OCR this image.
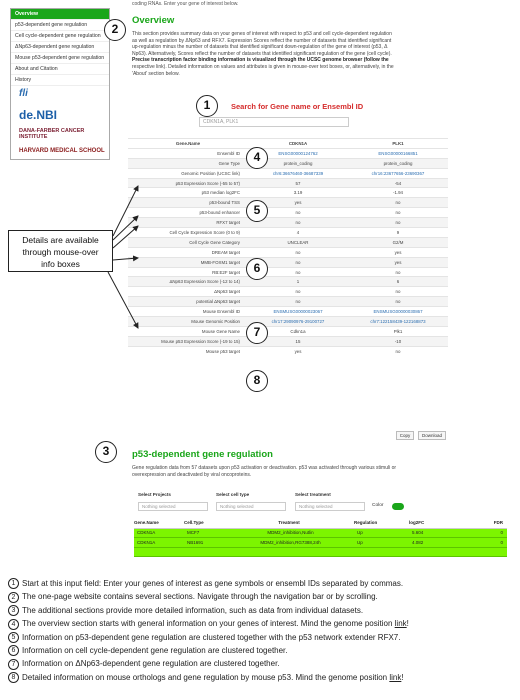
coding RNAs. Enter your gene of interest below.
Overview
p53-dependent gene regulation
Cell cycle-dependent gene regulation
ΔNp63-dependent gene regulation
Mouse p53-dependent gene regulation
About and Citation
History
fli
de.NBI
DANA-FARBER CANCER INSTITUTE
HARVARD MEDICAL SCHOOL
2
Overview
This section provides summary data on your genes of interest with respect to p53 and cell cycle-dependent regulation
as well as regulation by ΔNp63 and RFX7. Expression Scores reflect the number of datasets that identified significant
up-regulation minus the number of datasets that identified significant down-regulation of the gene of interest (p53, Δ
Np63). Alternatively, Scores reflect the number of datasets that identified significant regulation of the gene (cell cycle).
Precise transcription factor binding information is visualized through the UCSC genome browser (follow the
respective link). Detailed information on values and attributes is given in mouse-over text boxes, or, alternatively, in the
'About' section below.
1	Search for Gene name or Ensembl ID
CDKN1A, PLK1
Gene.Name	CDKN1A	PLK1
Ensembl ID	ENSG00000124762	ENSG00000166851
Gene Type	protein_coding	protein_coding
Genomic Position (UCSC link)	chr6:36676460-36687339	chr16:23677656-23690367
p53 Expression Score (-55 to 57)	57	-54
p53 median log2FC	3.19	-1.94
p53-bound TSS	yes	no
p53-bound enhancer	no	no
RFX7 target	no	no
Cell Cycle Expression Score (0 to 9)	4	9
Cell Cycle Gene Category	UNCLEAR	G2/M
DREAM target	no	yes
MMB-FOXM1 target	no	yes
RB:E2F target	no	no
ΔNp63 Expression Score (-12 to 14)	1	6
ΔNp63 target	no	no
potential ΔNp63 target	no	no
Mouse Ensembl ID	ENSMUSG00000023067	ENSMUSG00000030867
Mouse Genomic Position	chr17:29090976-29100727	chr7:122158439-122168873
Mouse Gene Name	Cdkn1a	Plk1
Mouse p53 Expression Score (-19 to 15)	15	-10
Mouse p53 target	yes	no
4
5
6
7
8
Copy	Download
Details are available
through mouse-over
info boxes
3	p53-dependent gene regulation
Gene regulation data from 57 datasets upon p53 activation or deactivation. p53 was activated through various stimuli or
overexpression and deactivated by viral oncoproteins.
Select Projects
Nothing selected
Select cell type
Nothing selected
Select treatment
Nothing selected	Color
Gene.Name	Cell.Type	Treatment	Regulation	log2FC	FDR
CDKN1A	MCF7	MDM2_inhibition,Nutlin	Up	5.604	0
CDKN1A	NB1691	MDM2_inhibition,RG7388,24h	Up	4.082	0

1 Start at this input field: Enter your genes of interest as gene symbols or ensembl IDs separated by commas.
2 The one-page website contains several sections. Navigate through the navigation bar or by scrolling.
3 The additional sections provide more detailed information, such as data from individual datasets.
4 The overview section starts with general information on your genes of interest. Mind the genome position link!
5 Information on p53-dependent gene regulation are clustered together with the p53 network extender RFX7.
6 Information on cell cycle-dependent gene regulation are clustered together.
7 Information on ΔNp63-dependent gene regulation are clustered together.
8 Detailed information on mouse orthologs and gene regulation by mouse p53. Mind the genome position link!
